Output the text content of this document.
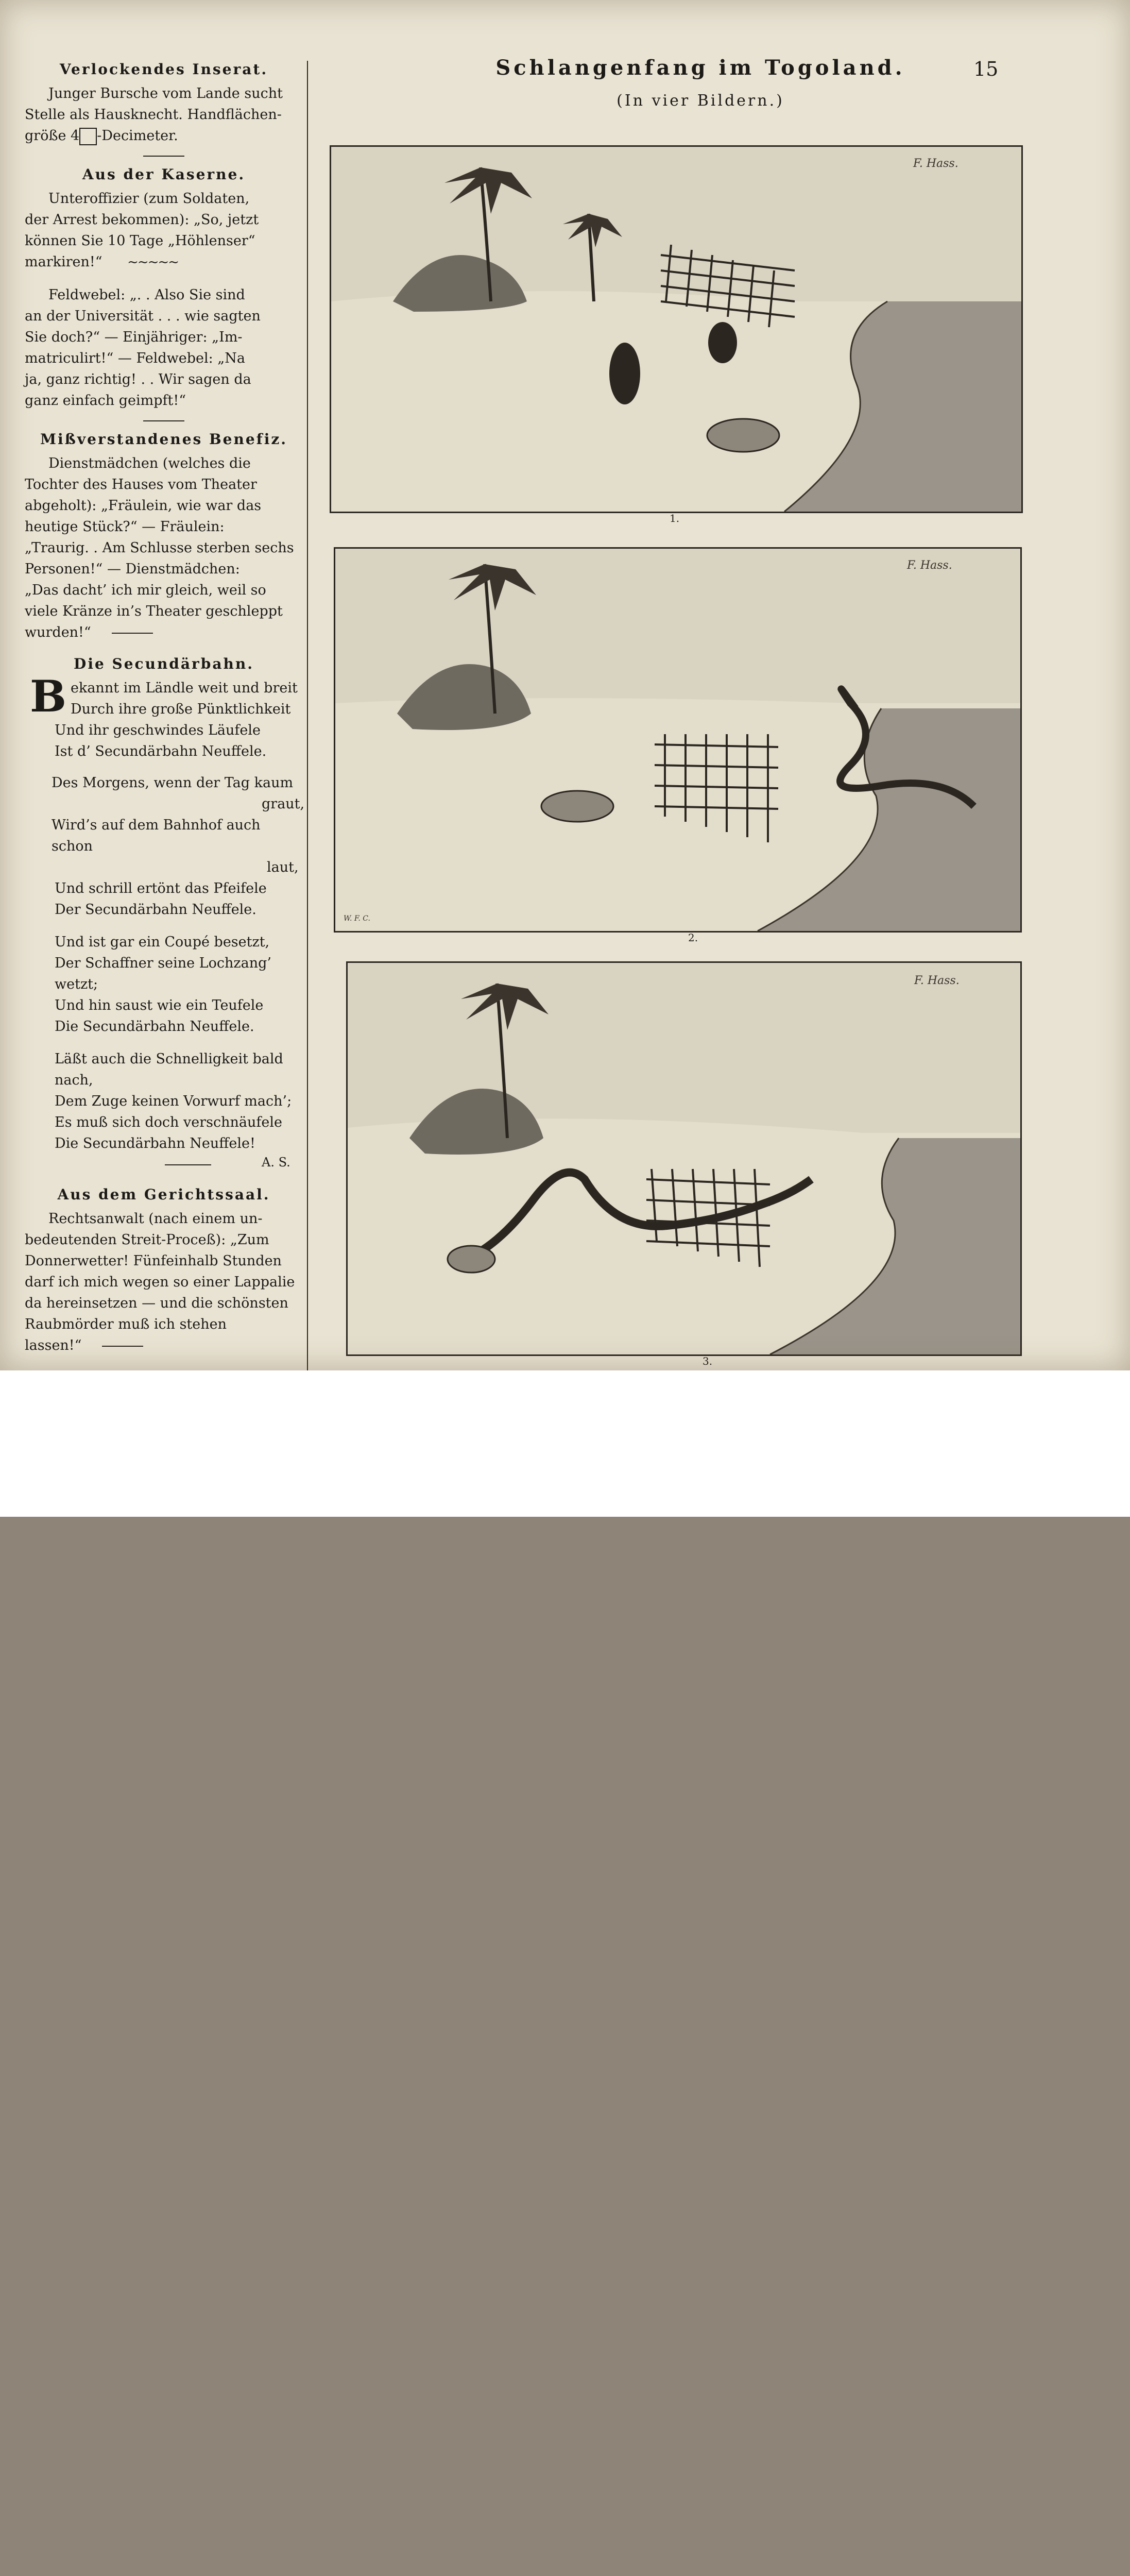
Verlockendes Inserat.

Junger Bursche vom Lande sucht

Stelle als Hausknecht. Handflächen-

größe 4 -Decimeter.

Aus der Kaserne.

Unteroffizier (zum Soldaten,

der Arrest bekommen): „So, jetzt

können Sie 10 Tage „Höhlenser“

markiren!“ ~~~~~

Feldwebel: „. . Also Sie sind

an der Universität . . . wie sagten

Sie doch?“ — Einjähriger: „Im-

matriculirt!“ — Feldwebel: „Na

ja, ganz richtig! . . Wir sagen da

ganz einfach geimpft!“

Mißverstandenes Benefiz.

Dienstmädchen (welches die

Tochter des Hauses vom Theater

abgeholt): „Fräulein, wie war das

heutige Stück?“ — Fräulein:

„Traurig. . Am Schlusse sterben sechs

Personen!“ — Dienstmädchen:

„Das dacht’ ich mir gleich, weil so

viele Kränze in’s Theater geschleppt

wurden!“

Die Secundärbahn.
B ekannt im Ländle weit und breit

Durch ihre große Pünktlichkeit

Und ihr geschwindes Läufele

Ist d’ Secundärbahn Neuffele.

Des Morgens, wenn der Tag kaum

graut,

Wird’s auf dem Bahnhof auch schon

laut,

Und schrill ertönt das Pfeifele

Der Secundärbahn Neuffele.

Und ist gar ein Coupé besetzt,

Der Schaffner seine Lochzang’ wetzt;

Und hin saust wie ein Teufele

Die Secundärbahn Neuffele.

Läßt auch die Schnelligkeit bald nach,

Dem Zuge keinen Vorwurf mach’;

Es muß sich doch verschnäufele

Die Secundärbahn Neuffele!

A. S.
Aus dem Gerichtssaal.

Rechtsanwalt (nach einem un-

bedeutenden Streit-Proceß): „Zum

Donnerwetter! Fünfeinhalb Stunden

darf ich mich wegen so einer Lappalie

da hereinsetzen — und die schönsten

Raubmörder muß ich stehen

lassen!“

Schlangenfang im Togoland.
(In vier Bildern.)
15
F. Hass.
1.
F. Hass.
W. F. C.
2.
F. Hass.
3.
